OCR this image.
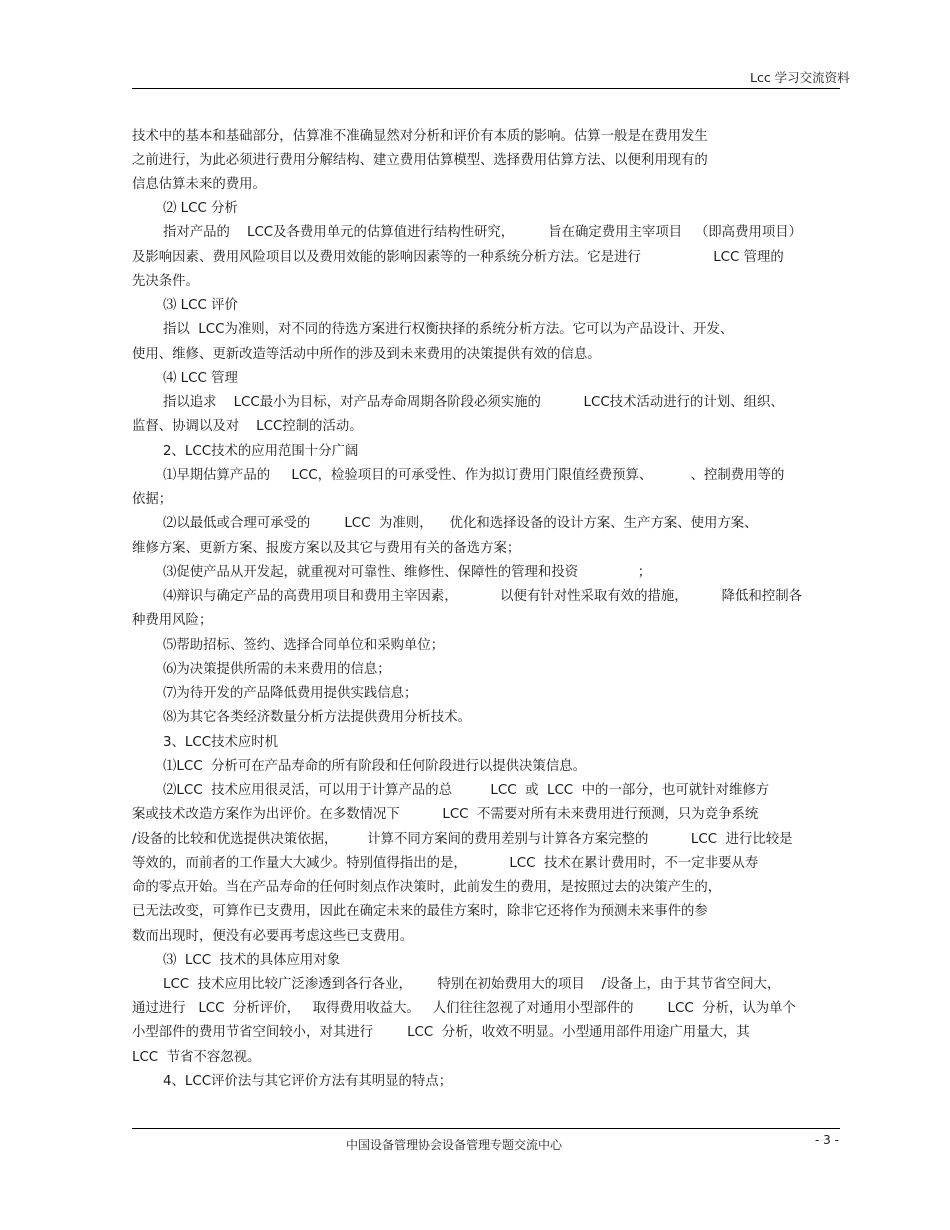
Lcc 学习交流资料
技术中的基本和基础部分，估算准不准确显然对分析和评价有本质的影响。估算一般是在费用发生
之前进行，为此必须进行费用分解结构、建立费用估算模型、选择费用估算方法、以便利用现有的
信息估算未来的费用。
⑵ LCC 分析
指对产品的    LCC及各费用单元的估算值进行结构性研究，        旨在确定费用主宰项目   （即高费用项目）
及影响因素、费用风险项目以及费用效能的影响因素等的一种系统分析方法。它是进行                 LCC 管理的
先决条件。
⑶ LCC 评价
指以  LCC为准则，对不同的待选方案进行权衡抉择的系统分析方法。它可以为产品设计、开发、
使用、维修、更新改造等活动中所作的涉及到未来费用的决策提供有效的信息。
⑷ LCC 管理
指以追求    LCC最小为目标，对产品寿命周期各阶段必须实施的          LCC技术活动进行的计划、组织、
监督、协调以及对    LCC控制的活动。
2、LCC技术的应用范围十分广阔
⑴早期估算产品的     LCC，检验项目的可承受性、作为拟订费用门限值经费预算、         、控制费用等的
依据；
⑵以最低或合理可承受的        LCC  为准则，    优化和选择设备的设计方案、生产方案、使用方案、
维修方案、更新方案、报废方案以及其它与费用有关的备选方案；
⑶促使产品从开发起，就重视对可靠性、维修性、保障性的管理和投资              ；
⑷辩识与确定产品的高费用项目和费用主宰因素，          以便有针对性采取有效的措施，        降低和控制各
种费用风险；
⑸帮助招标、签约、选择合同单位和采购单位；
⑹为决策提供所需的未来费用的信息；
⑺为待开发的产品降低费用提供实践信息；
⑻为其它各类经济数量分析方法提供费用分析技术。
3、LCC技术应时机
⑴LCC  分析可在产品寿命的所有阶段和任何阶段进行以提供决策信息。
⑵LCC  技术应用很灵活，可以用于计算产品的总         LCC  或  LCC  中的一部分，也可就针对维修方
案或技术改造方案作为出评价。在多数情况下          LCC  不需要对所有未来费用进行预测，只为竞争系统
/设备的比较和优选提供决策依据，       计算不同方案间的费用差别与计算各方案完整的          LCC  进行比较是
等效的，而前者的工作量大大减少。特别值得指出的是，          LCC  技术在累计费用时，不一定非要从寿
命的零点开始。当在产品寿命的任何时刻点作决策时，此前发生的费用，是按照过去的决策产生的，
已无法改变，可算作已支费用，因此在确定未来的最佳方案时，除非它还将作为预测未来事件的参
数而出现时，便没有必要再考虑这些已支费用。
⑶  LCC  技术的具体应用对象
LCC  技术应用比较广泛渗透到各行各业，      特别在初始费用大的项目    /设备上，由于其节省空间大，
通过进行   LCC  分析评价，   取得费用收益大。   人们往往忽视了对通用小型部件的        LCC  分析，认为单个
小型部件的费用节省空间较小，对其进行        LCC  分析，收效不明显。小型通用部件用途广用量大，其
LCC  节省不容忽视。
4、LCC评价法与其它评价方法有其明显的特点；
中国设备管理协会设备管理专题交流中心	- 3 -
